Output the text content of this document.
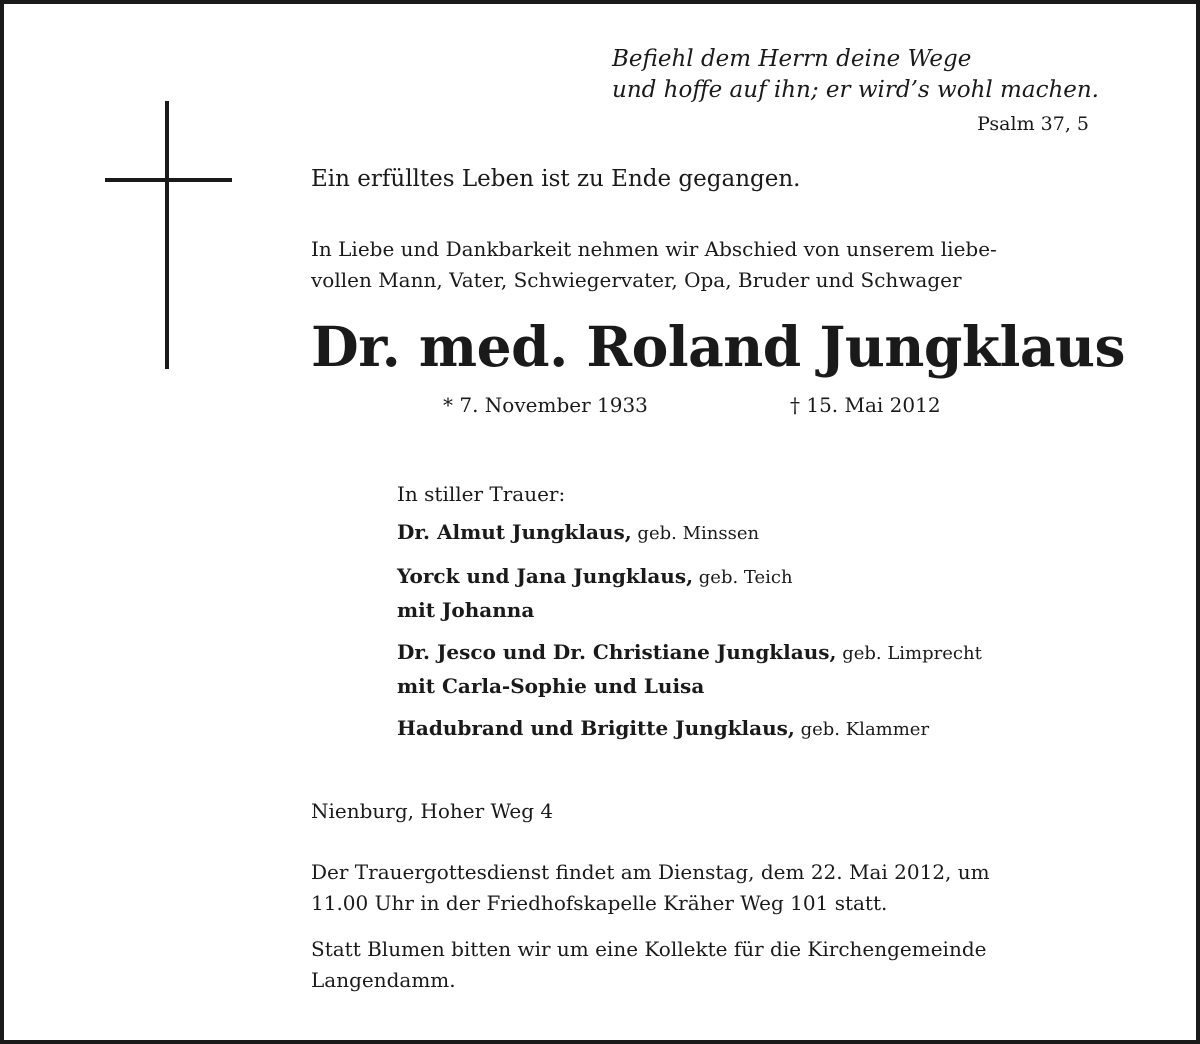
Befiehl dem Herrn deine Wege
und hoffe auf ihn; er wird’s wohl machen.
Psalm 37, 5
Ein erfülltes Leben ist zu Ende gegangen.
In Liebe und Dankbarkeit nehmen wir Abschied von unserem liebe-
vollen Mann, Vater, Schwiegervater, Opa, Bruder und Schwager
Dr. med. Roland Jungklaus
* 7. November 1933	† 15. Mai 2012
In stiller Trauer:
Dr. Almut Jungklaus, geb. Minssen
Yorck und Jana Jungklaus, geb. Teich
mit Johanna
Dr. Jesco und Dr. Christiane Jungklaus, geb. Limprecht
mit Carla-Sophie und Luisa
Hadubrand und Brigitte Jungklaus, geb. Klammer
Nienburg, Hoher Weg 4
Der Trauergottesdienst findet am Dienstag, dem 22. Mai 2012, um
11.00 Uhr in der Friedhofskapelle Kräher Weg 101 statt.
Statt Blumen bitten wir um eine Kollekte für die Kirchengemeinde
Langendamm.
